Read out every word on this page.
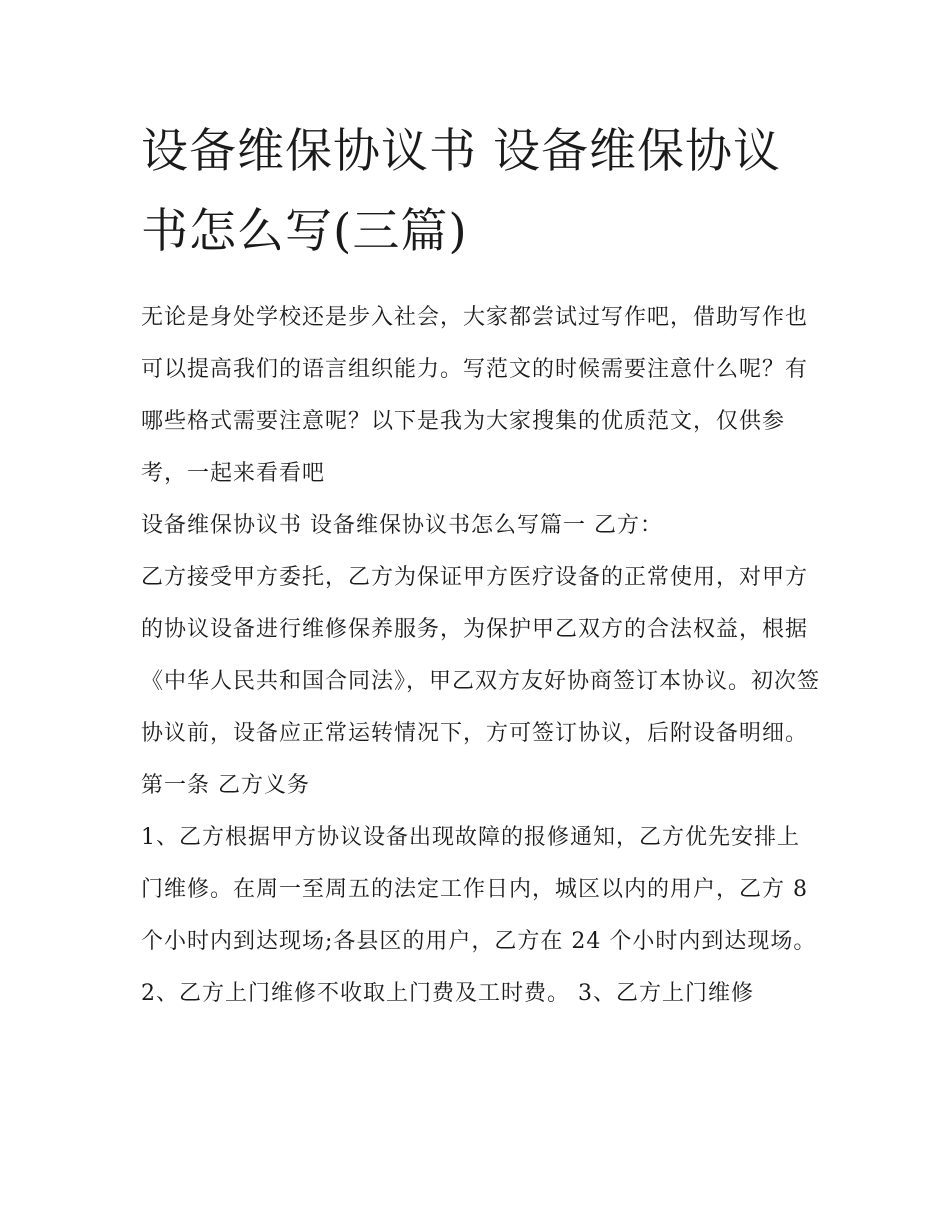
设备维保协议书 设备维保协议书怎么写(三篇)

无论是身处学校还是步入社会，大家都尝试过写作吧，借助写作也可以提高我们的语言组织能力。写范文的时候需要注意什么呢？有哪些格式需要注意呢？以下是我为大家搜集的优质范文，仅供参考，一起来看看吧

设备维保协议书 设备维保协议书怎么写篇一 乙方：

乙方接受甲方委托，乙方为保证甲方医疗设备的正常使用，对甲方的协议设备进行维修保养服务，为保护甲乙双方的合法权益，根据《中华人民共和国合同法》，甲乙双方友好协商签订本协议。初次签协议前，设备应正常运转情况下，方可签订协议，后附设备明细。

第一条 乙方义务

1、乙方根据甲方协议设备出现故障的报修通知，乙方优先安排上门维修。在周一至周五的法定工作日内，城区以内的用户，乙方 8 个小时内到达现场;各县区的用户，乙方在 24 个小时内到达现场。

2、乙方上门维修不收取上门费及工时费。 3、乙方上门维修
